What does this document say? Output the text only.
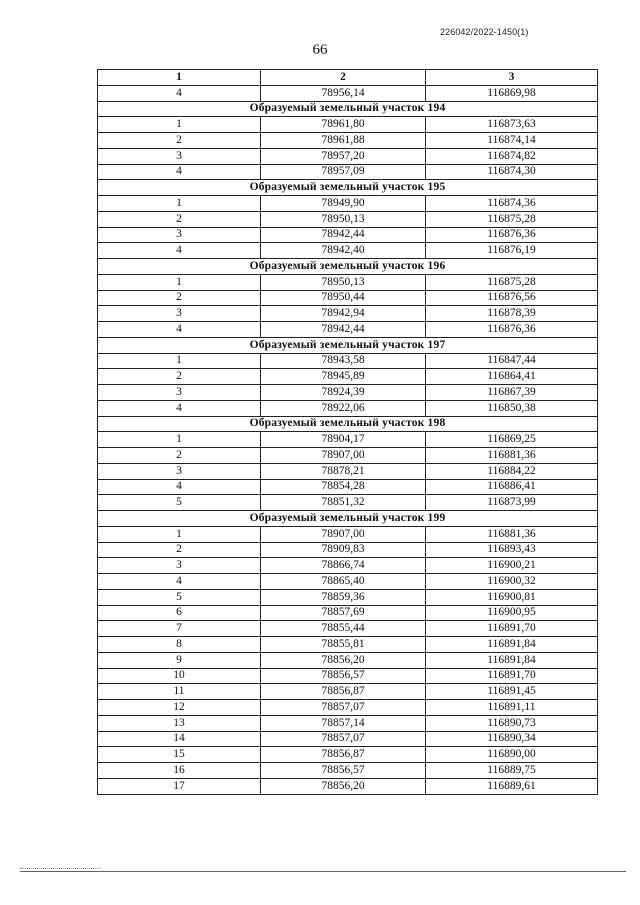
226042/2022-1450(1)
66
1	2	3
4	78956,14	116869,98
Образуемый земельный участок 194		
1	78961,80	116873,63
2	78961,88	116874,14
3	78957,20	116874,82
4	78957,09	116874,30
Образуемый земельный участок 195		
1	78949,90	116874,36
2	78950,13	116875,28
3	78942,44	116876,36
4	78942,40	116876,19
Образуемый земельный участок 196		
1	78950,13	116875,28
2	78950,44	116876,56
3	78942,94	116878,39
4	78942,44	116876,36
Образуемый земельный участок 197		
1	78943,58	116847,44
2	78945,89	116864,41
3	78924,39	116867,39
4	78922,06	116850,38
Образуемый земельный участок 198		
1	78904,17	116869,25
2	78907,00	116881,36
3	78878,21	116884,22
4	78854,28	116886,41
5	78851,32	116873,99
Образуемый земельный участок 199		
1	78907,00	116881,36
2	78909,83	116893,43
3	78866,74	116900,21
4	78865,40	116900,32
5	78859,36	116900,81
6	78857,69	116900,95
7	78855,44	116891,70
8	78855,81	116891,84
9	78856,20	116891,84
10	78856,57	116891,70
11	78856,87	116891,45
12	78857,07	116891,11
13	78857,14	116890,73
14	78857,07	116890,34
15	78856,87	116890,00
16	78856,57	116889,75
17	78856,20	116889,61
